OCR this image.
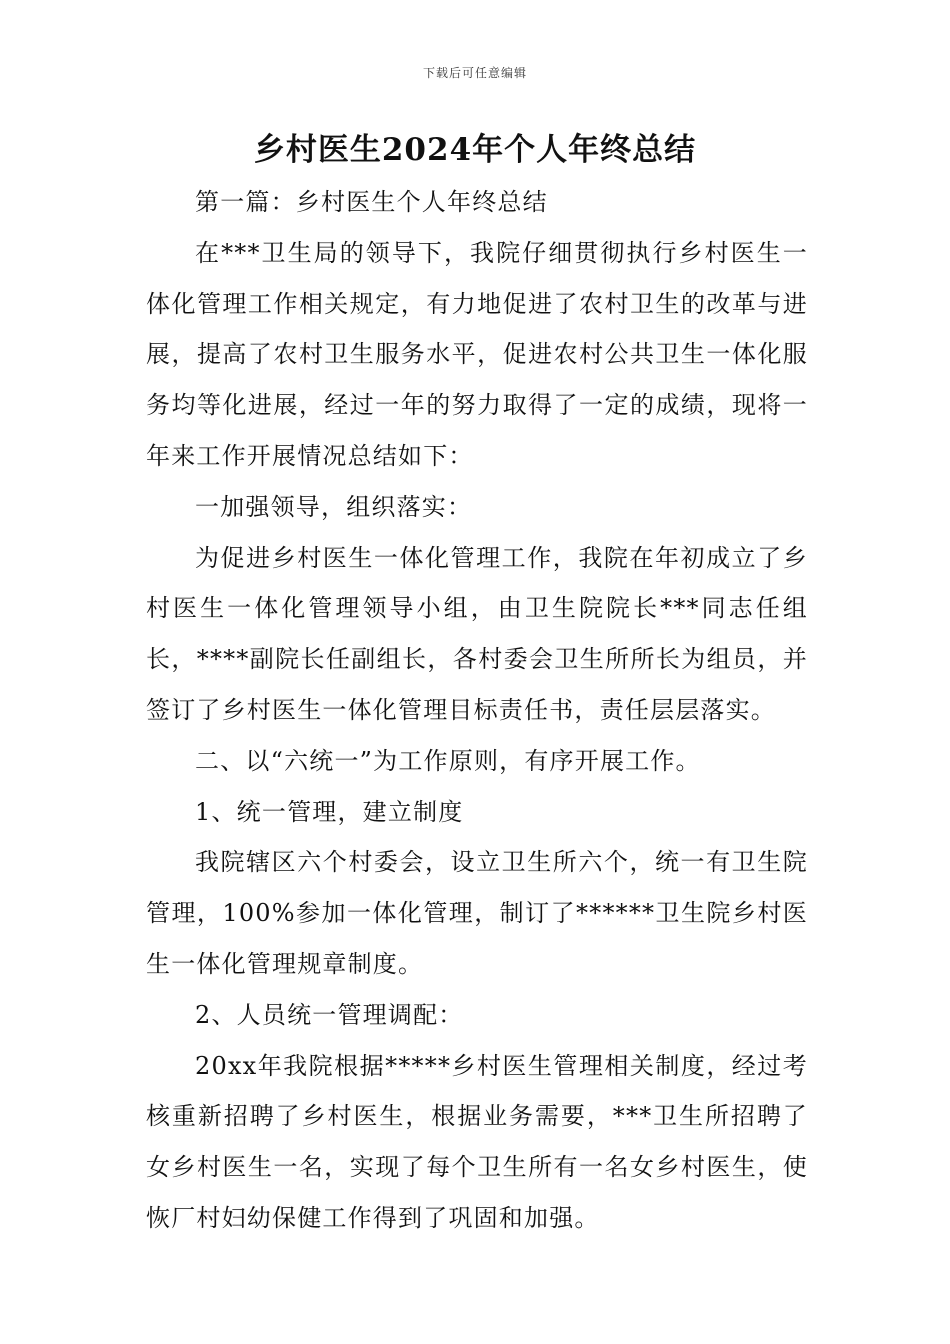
下载后可任意编辑
乡村医生2024年个人年终总结

第一篇：乡村医生个人年终总结

在***卫生局的领导下，我院仔细贯彻执行乡村医生一体化管理工作相关规定，有力地促进了农村卫生的改革与进展，提高了农村卫生服务水平，促进农村公共卫生一体化服务均等化进展，经过一年的努力取得了一定的成绩，现将一年来工作开展情况总结如下：

一加强领导，组织落实：

为促进乡村医生一体化管理工作，我院在年初成立了乡村医生一体化管理领导小组，由卫生院院长***同志任组长，****副院长任副组长，各村委会卫生所所长为组员，并签订了乡村医生一体化管理目标责任书，责任层层落实。

二、以“六统一”为工作原则，有序开展工作。

1、统一管理，建立制度

我院辖区六个村委会，设立卫生所六个，统一有卫生院管理，100%参加一体化管理，制订了******卫生院乡村医生一体化管理规章制度。

2、人员统一管理调配：

20xx年我院根据*****乡村医生管理相关制度，经过考核重新招聘了乡村医生，根据业务需要，***卫生所招聘了女乡村医生一名，实现了每个卫生所有一名女乡村医生，使恢厂村妇幼保健工作得到了巩固和加强。
